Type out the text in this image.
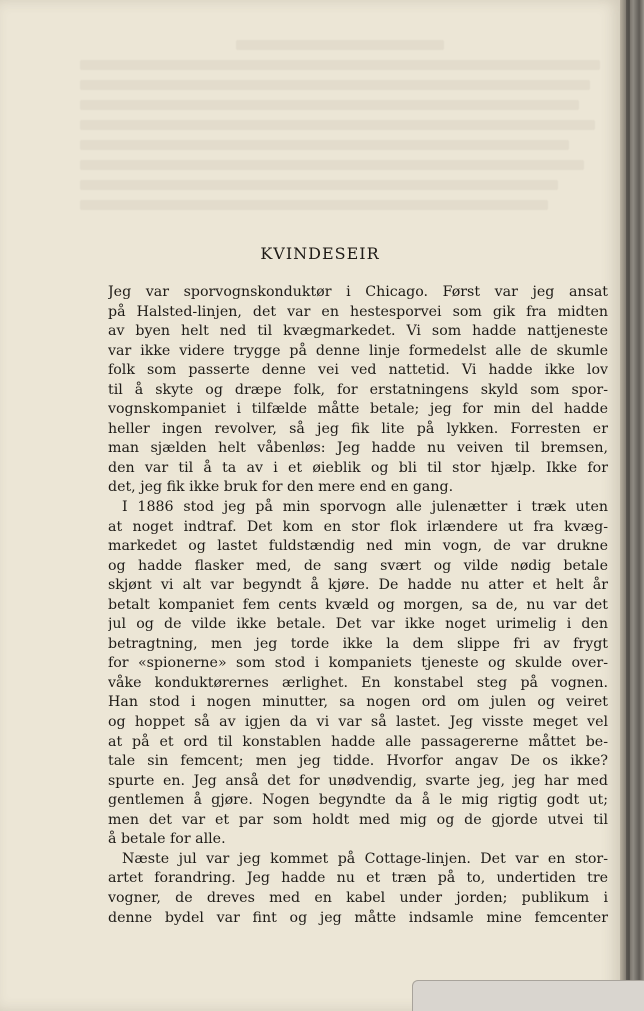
KVINDESEIR
Jeg var sporvognskonduktør i Chicago. Først var jeg ansat
på Halsted-linjen, det var en hestesporvei som gik fra midten
av byen helt ned til kvægmarkedet. Vi som hadde nattjeneste
var ikke videre trygge på denne linje formedelst alle de skumle
folk som passerte denne vei ved nattetid. Vi hadde ikke lov
til å skyte og dræpe folk, for erstatningens skyld som spor-
vognskompaniet i tilfælde måtte betale; jeg for min del hadde
heller ingen revolver, så jeg fik lite på lykken. Forresten er
man sjælden helt våbenløs: Jeg hadde nu veiven til bremsen,
den var til å ta av i et øieblik og bli til stor hjælp. Ikke for
det, jeg fik ikke bruk for den mere end en gang.
I 1886 stod jeg på min sporvogn alle julenætter i træk uten
at noget indtraf. Det kom en stor flok irlændere ut fra kvæg-
markedet og lastet fuldstændig ned min vogn, de var drukne
og hadde flasker med, de sang svært og vilde nødig betale
skjønt vi alt var begyndt å kjøre. De hadde nu atter et helt år
betalt kompaniet fem cents kvæld og morgen, sa de, nu var det
jul og de vilde ikke betale. Det var ikke noget urimelig i den
betragtning, men jeg torde ikke la dem slippe fri av frygt
for «spionerne» som stod i kompaniets tjeneste og skulde over-
våke konduktørernes ærlighet. En konstabel steg på vognen.
Han stod i nogen minutter, sa nogen ord om julen og veiret
og hoppet så av igjen da vi var så lastet. Jeg visste meget vel
at på et ord til konstablen hadde alle passagererne måttet be-
tale sin femcent; men jeg tidde. Hvorfor angav De os ikke?
spurte en. Jeg anså det for unødvendig, svarte jeg, jeg har med
gentlemen å gjøre. Nogen begyndte da å le mig rigtig godt ut;
men det var et par som holdt med mig og de gjorde utvei til
å betale for alle.
Næste jul var jeg kommet på Cottage-linjen. Det var en stor-
artet forandring. Jeg hadde nu et træn på to, undertiden tre
vogner, de dreves med en kabel under jorden; publikum i
denne bydel var fint og jeg måtte indsamle mine femcenter
